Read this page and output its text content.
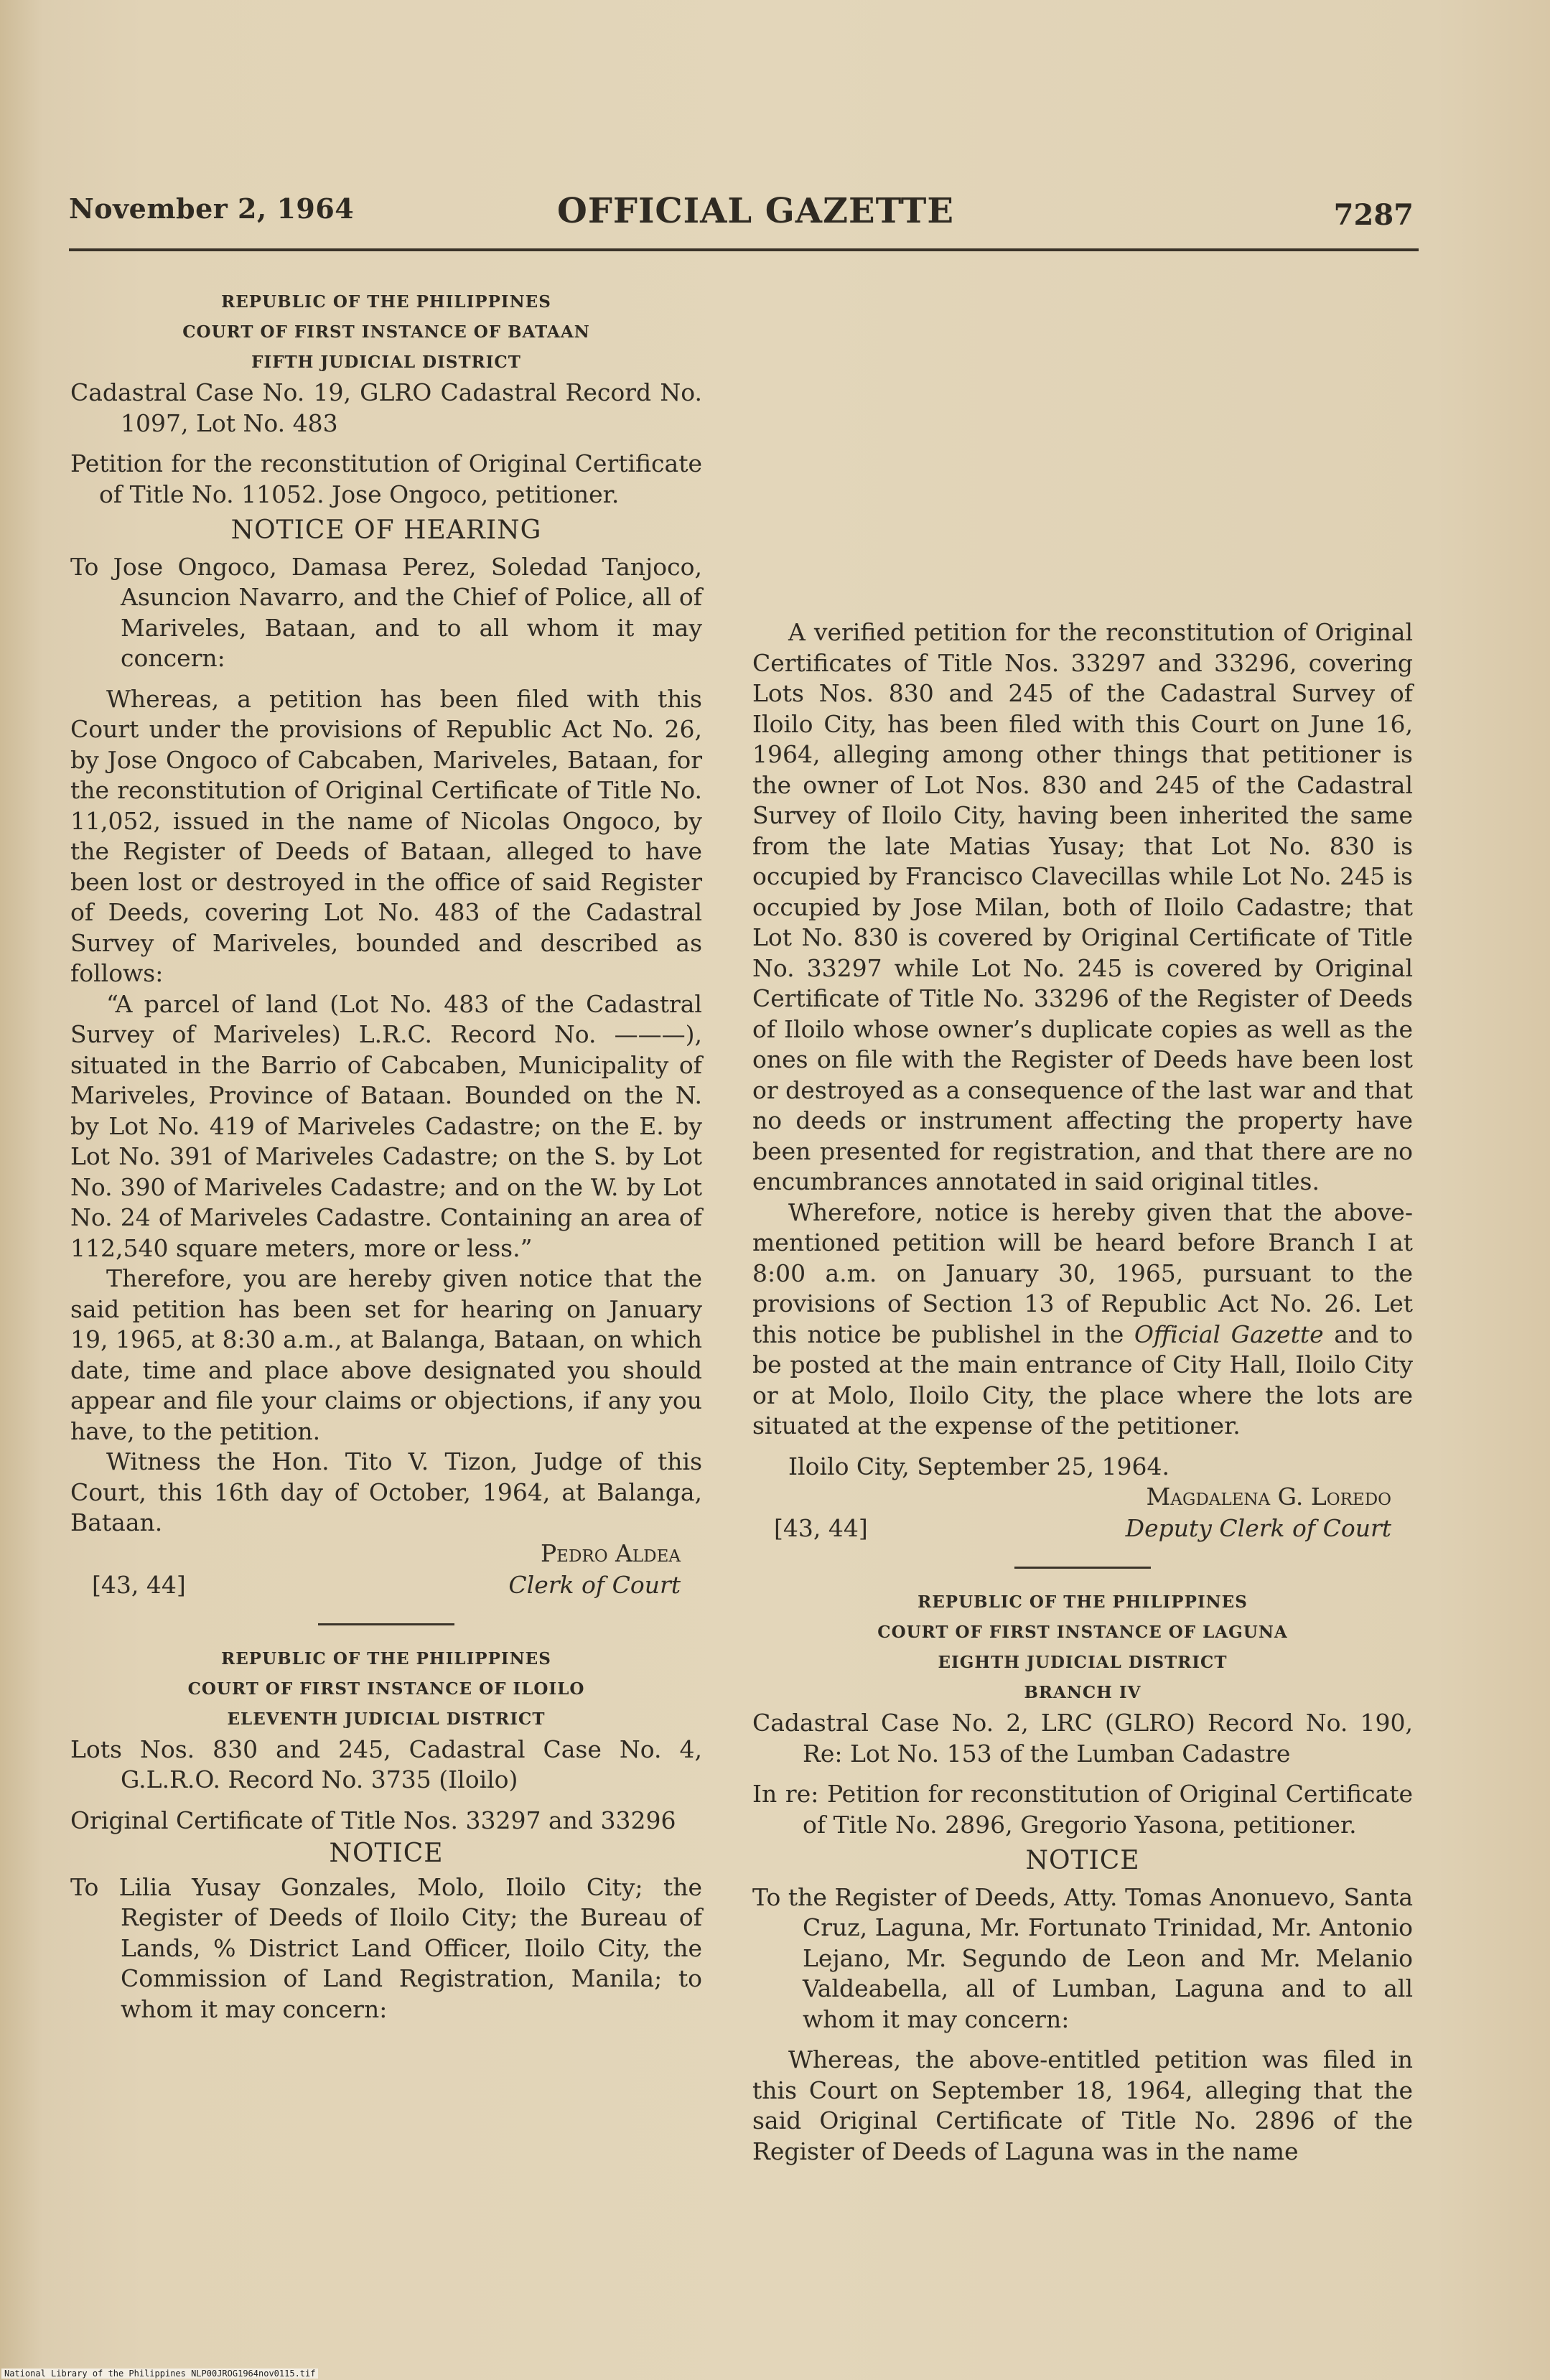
November 2, 1964	OFFICIAL GAZETTE	7287
REPUBLIC OF THE PHILIPPINES
COURT OF FIRST INSTANCE OF BATAAN
FIFTH JUDICIAL DISTRICT

Cadastral Case No. 19, GLRO Cadastral Record No. 1097, Lot No. 483

Petition for the reconstitution of Original Certificate of Title No. 11052. Jose Ongoco, petitioner.

NOTICE OF HEARING

To Jose Ongoco, Damasa Perez, Soledad Tanjoco, Asuncion Navarro, and the Chief of Police, all of Mariveles, Bataan, and to all whom it may concern:

Whereas, a petition has been filed with this Court under the provisions of Republic Act No. 26, by Jose Ongoco of Cabcaben, Mariveles, Bataan, for the reconstitution of Original Certificate of Title No. 11,052, issued in the name of Nicolas Ongoco, by the Register of Deeds of Bataan, alleged to have been lost or destroyed in the office of said Register of Deeds, covering Lot No. 483 of the Cadastral Survey of Mariveles, bounded and described as follows:

“A parcel of land (Lot No. 483 of the Cadastral Survey of Mariveles) L.R.C. Record No. ———), situated in the Barrio of Cabcaben, Municipality of Mariveles, Province of Bataan. Bounded on the N. by Lot No. 419 of Mariveles Cadastre; on the E. by Lot No. 391 of Mariveles Cadastre; on the S. by Lot No. 390 of Mariveles Cadastre; and on the W. by Lot No. 24 of Mariveles Cadastre. Containing an area of 112,540 square meters, more or less.”

Therefore, you are hereby given notice that the said petition has been set for hearing on January 19, 1965, at 8:30 a.m., at Balanga, Bataan, on which date, time and place above designated you should appear and file your claims or objections, if any you have, to the petition.

Witness the Hon. Tito V. Tizon, Judge of this Court, this 16th day of October, 1964, at Balanga, Bataan.

[43, 44]
Pedro Aldea
Clerk of Court
REPUBLIC OF THE PHILIPPINES
COURT OF FIRST INSTANCE OF ILOILO
ELEVENTH JUDICIAL DISTRICT

Lots Nos. 830 and 245, Cadastral Case No. 4, G.L.R.O. Record No. 3735 (Iloilo)

Original Certificate of Title Nos. 33297 and 33296

NOTICE

To Lilia Yusay Gonzales, Molo, Iloilo City; the Register of Deeds of Iloilo City; the Bureau of Lands, % District Land Officer, Iloilo City, the Commission of Land Registration, Manila; to whom it may concern:

A verified petition for the reconstitution of Original Certificates of Title Nos. 33297 and 33296, covering Lots Nos. 830 and 245 of the Cadastral Survey of Iloilo City, has been filed with this Court on June 16, 1964, alleging among other things that petitioner is the owner of Lot Nos. 830 and 245 of the Cadastral Survey of Iloilo City, having been inherited the same from the late Matias Yusay; that Lot No. 830 is occupied by Francisco Clavecillas while Lot No. 245 is occupied by Jose Milan, both of Iloilo Cadastre; that Lot No. 830 is covered by Original Certificate of Title No. 33297 while Lot No. 245 is covered by Original Certificate of Title No. 33296 of the Register of Deeds of Iloilo whose owner’s duplicate copies as well as the ones on file with the Register of Deeds have been lost or destroyed as a consequence of the last war and that no deeds or instrument affecting the property have been presented for registration, and that there are no encumbrances annotated in said original titles.

Wherefore, notice is hereby given that the above-mentioned petition will be heard before Branch I at 8:00 a.m. on January 30, 1965, pursuant to the provisions of Section 13 of Republic Act No. 26. Let this notice be publishel in the Official Gazette and to be posted at the main entrance of City Hall, Iloilo City or at Molo, Iloilo City, the place where the lots are situated at the expense of the petitioner.

Iloilo City, September 25, 1964.

[43, 44]
Magdalena G. Loredo
Deputy Clerk of Court
REPUBLIC OF THE PHILIPPINES
COURT OF FIRST INSTANCE OF LAGUNA
EIGHTH JUDICIAL DISTRICT
BRANCH IV

Cadastral Case No. 2, LRC (GLRO) Record No. 190, Re: Lot No. 153 of the Lumban Cadastre

In re: Petition for reconstitution of Original Certificate of Title No. 2896, Gregorio Yasona, petitioner.

NOTICE

To the Register of Deeds, Atty. Tomas Anonuevo, Santa Cruz, Laguna, Mr. Fortunato Trinidad, Mr. Antonio Lejano, Mr. Segundo de Leon and Mr. Melanio Valdeabella, all of Lumban, Laguna and to all whom it may concern:

Whereas, the above-entitled petition was filed in this Court on September 18, 1964, alleging that the said Original Certificate of Title No. 2896 of the Register of Deeds of Laguna was in the name

National Library of the Philippines NLP00JROG1964nov0115.tif
